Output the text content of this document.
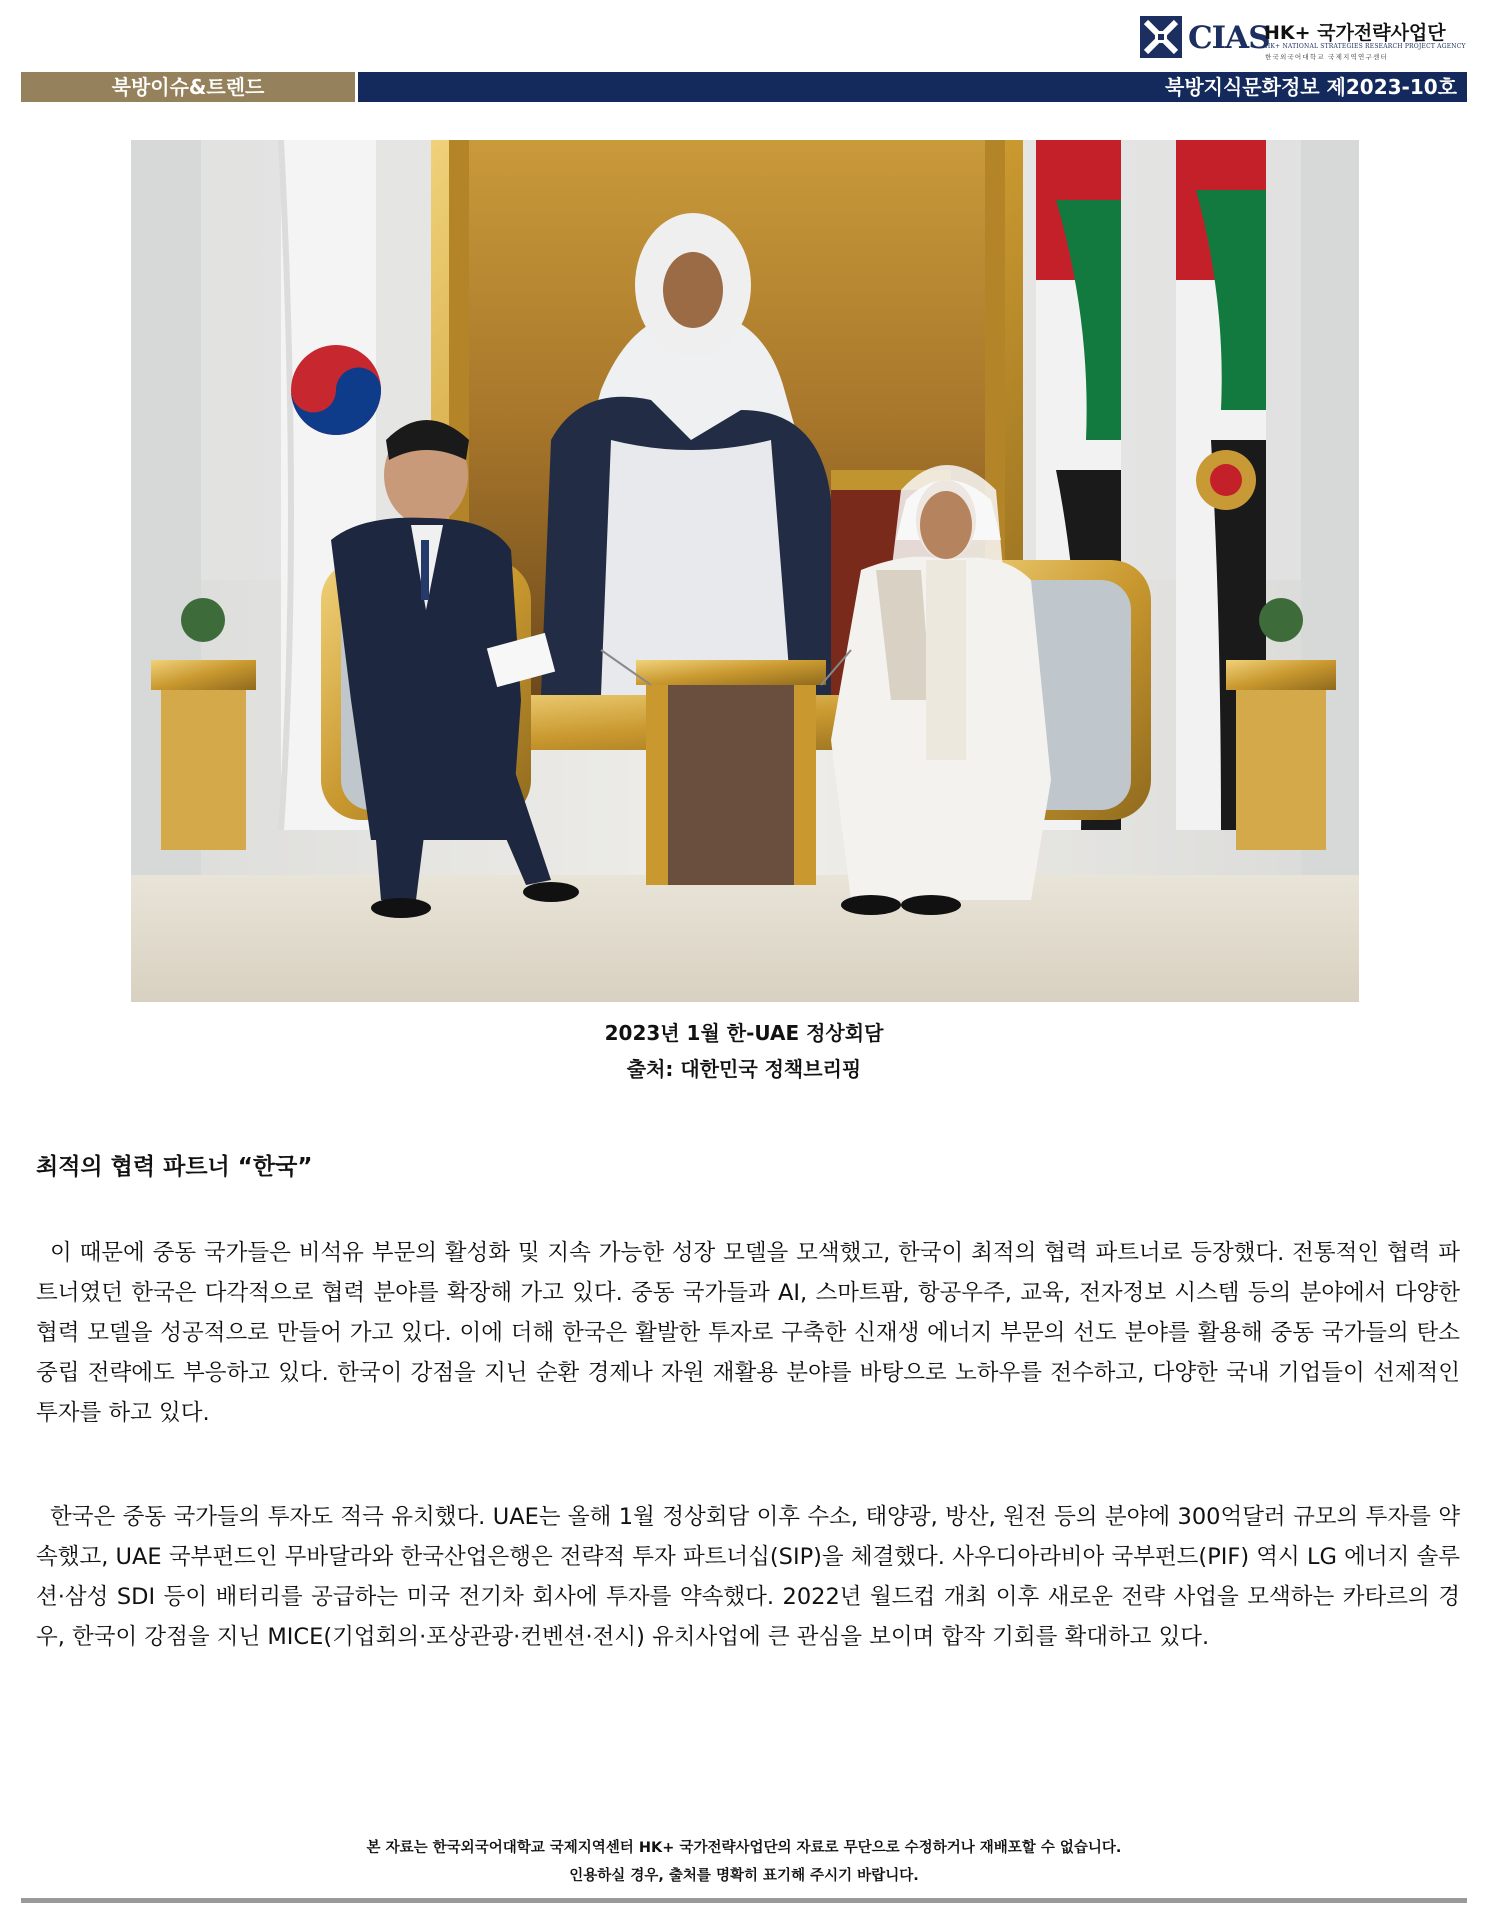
CIAS
HK+ 국가전략사업단
HK+ NATIONAL STRATEGIES RESEARCH PROJECT AGENCY
한국외국어대학교 국제지역연구센터
북방이슈&트렌드	북방지식문화정보 제2023-10호
2023년 1월 한-UAE 정상회담
출처: 대한민국 정책브리핑
최적의 협력 파트너 “한국”

이 때문에 중동 국가들은 비석유 부문의 활성화 및 지속 가능한 성장 모델을 모색했고, 한국이 최적의 협력 파트너로 등장했다. 전통적인 협력 파트너였던 한국은 다각적으로 협력 분야를 확장해 가고 있다. 중동 국가들과 AI, 스마트팜, 항공우주, 교육, 전자정보 시스템 등의 분야에서 다양한 협력 모델을 성공적으로 만들어 가고 있다. 이에 더해 한국은 활발한 투자로 구축한 신재생 에너지 부문의 선도 분야를 활용해 중동 국가들의 탄소중립 전략에도 부응하고 있다. 한국이 강점을 지닌 순환 경제나 자원 재활용 분야를 바탕으로 노하우를 전수하고, 다양한 국내 기업들이 선제적인 투자를 하고 있다.

한국은 중동 국가들의 투자도 적극 유치했다. UAE는 올해 1월 정상회담 이후 수소, 태양광, 방산, 원전 등의 분야에 300억달러 규모의 투자를 약속했고, UAE 국부펀드인 무바달라와 한국산업은행은 전략적 투자 파트너십(SIP)을 체결했다. 사우디아라비아 국부펀드(PIF) 역시 LG 에너지 솔루션·삼성 SDI 등이 배터리를 공급하는 미국 전기차 회사에 투자를 약속했다. 2022년 월드컵 개최 이후 새로운 전략 사업을 모색하는 카타르의 경우, 한국이 강점을 지닌 MICE(기업회의·포상관광·컨벤션·전시) 유치사업에 큰 관심을 보이며 합작 기회를 확대하고 있다.

본 자료는 한국외국어대학교 국제지역센터 HK+ 국가전략사업단의 자료로 무단으로 수정하거나 재배포할 수 없습니다.
인용하실 경우, 출처를 명확히 표기해 주시기 바랍니다.
